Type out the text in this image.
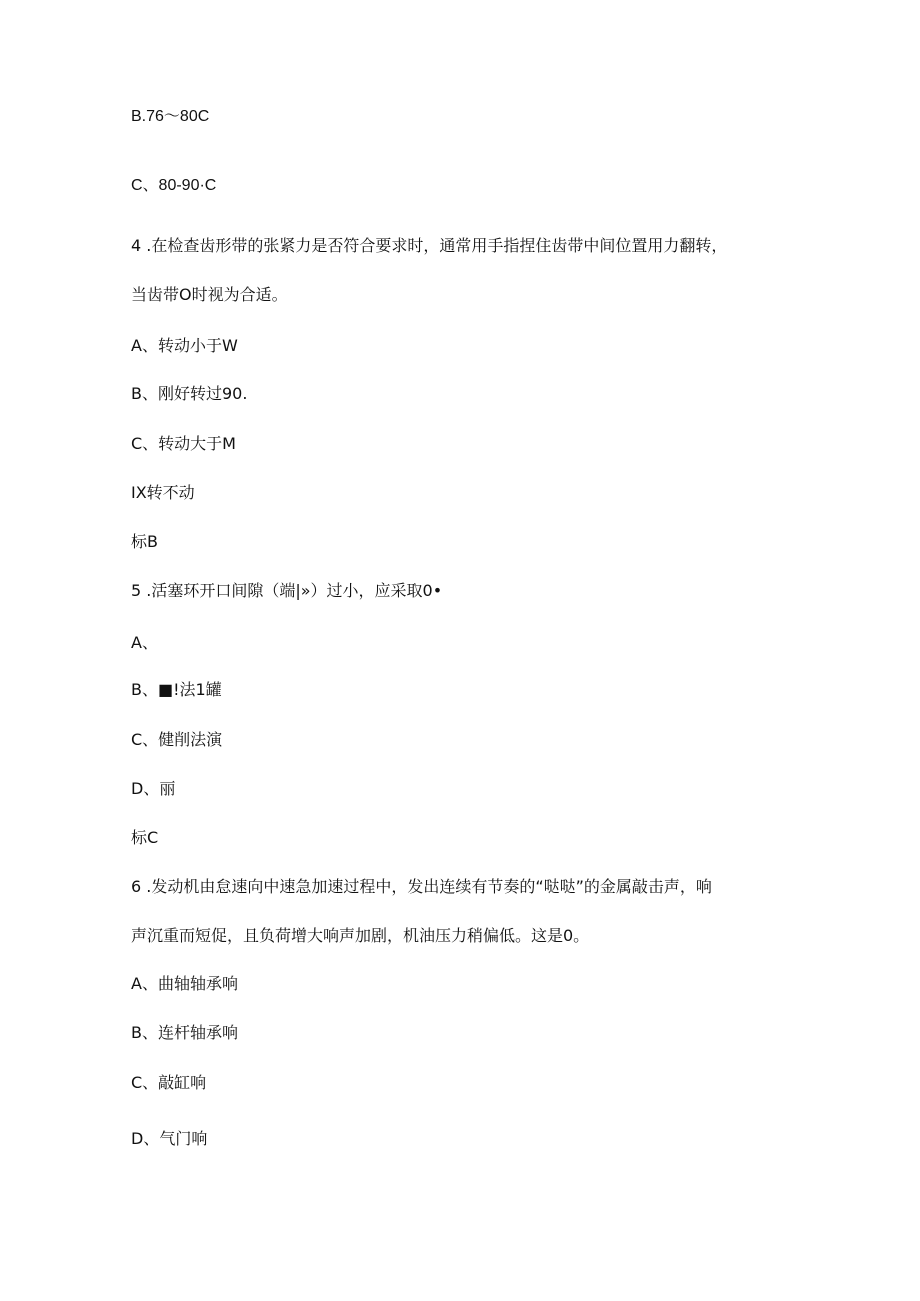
B.76～80C
C、80-90·C
4 .在检查齿形带的张紧力是否符合要求时，通常用手指捏住齿带中间位置用力翻转，
当齿带O时视为合适。
A、转动小于W
B、刚好转过90.
C、转动大于M
IX转不动
标B
5 .活塞环开口间隙（端|»）过小，应采取0•
A、
B、■!法1罐
C、健削法演
D、丽
标C
6 .发动机由怠速向中速急加速过程中，发出连续有节奏的“哒哒”的金属敲击声，响
声沉重而短促，且负荷增大响声加剧，机油压力稍偏低。这是0。
A、曲轴轴承响
B、连杆轴承响
C、敲缸响
D、气门响
